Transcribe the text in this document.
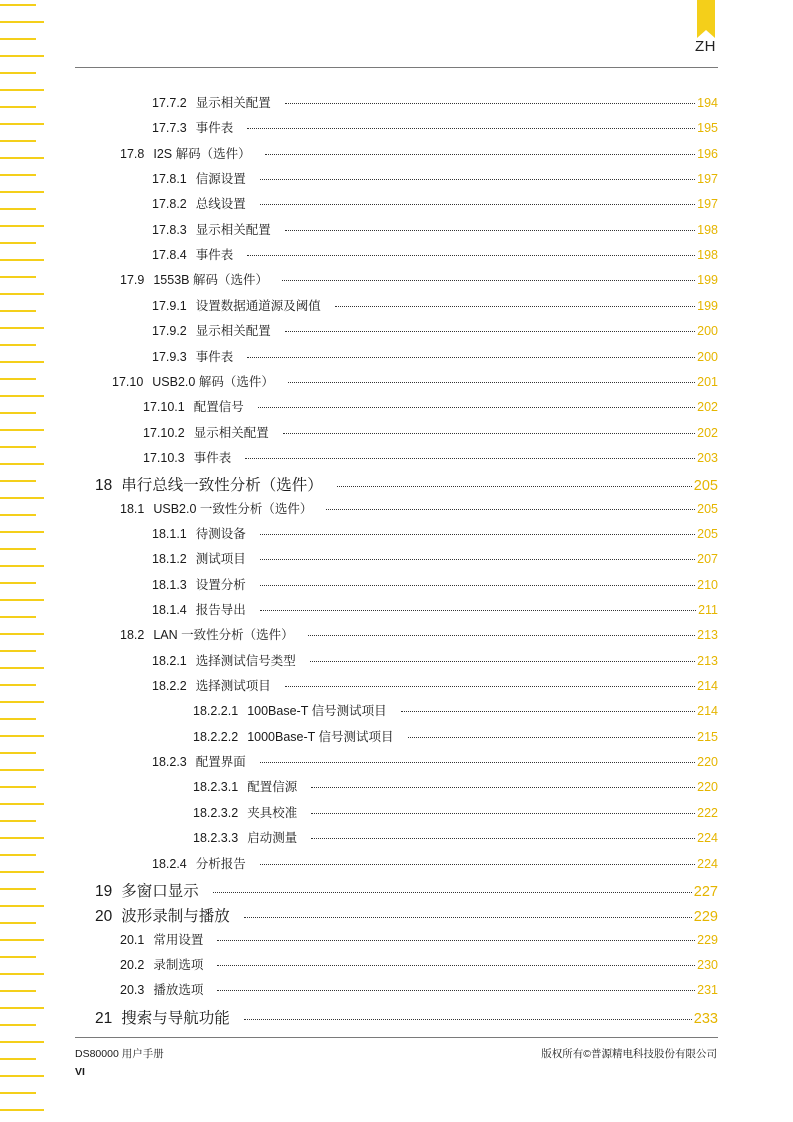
ZH
17.7.2 显示相关配置	194
17.7.3 事件表	195
17.8 I2S 解码（选件）	196
17.8.1 信源设置	197
17.8.2 总线设置	197
17.8.3 显示相关配置	198
17.8.4 事件表	198
17.9 1553B 解码（选件）	199
17.9.1 设置数据通道源及阈值	199
17.9.2 显示相关配置	200
17.9.3 事件表	200
17.10 USB2.0 解码（选件）	201
17.10.1 配置信号	202
17.10.2 显示相关配置	202
17.10.3 事件表	203
18 串行总线一致性分析（选件）	205
18.1 USB2.0 一致性分析（选件）	205
18.1.1 待测设备	205
18.1.2 测试项目	207
18.1.3 设置分析	210
18.1.4 报告导出	211
18.2 LAN 一致性分析（选件）	213
18.2.1 选择测试信号类型	213
18.2.2 选择测试项目	214
18.2.2.1 100Base-T 信号测试项目	214
18.2.2.2 1000Base-T 信号测试项目	215
18.2.3 配置界面	220
18.2.3.1 配置信源	220
18.2.3.2 夹具校准	222
18.2.3.3 启动测量	224
18.2.4 分析报告	224
19 多窗口显示	227
20 波形录制与播放	229
20.1 常用设置	229
20.2 录制选项	230
20.3 播放选项	231
21 搜索与导航功能	233
DS80000 用户手册	版权所有©普源精电科技股份有限公司
VI
